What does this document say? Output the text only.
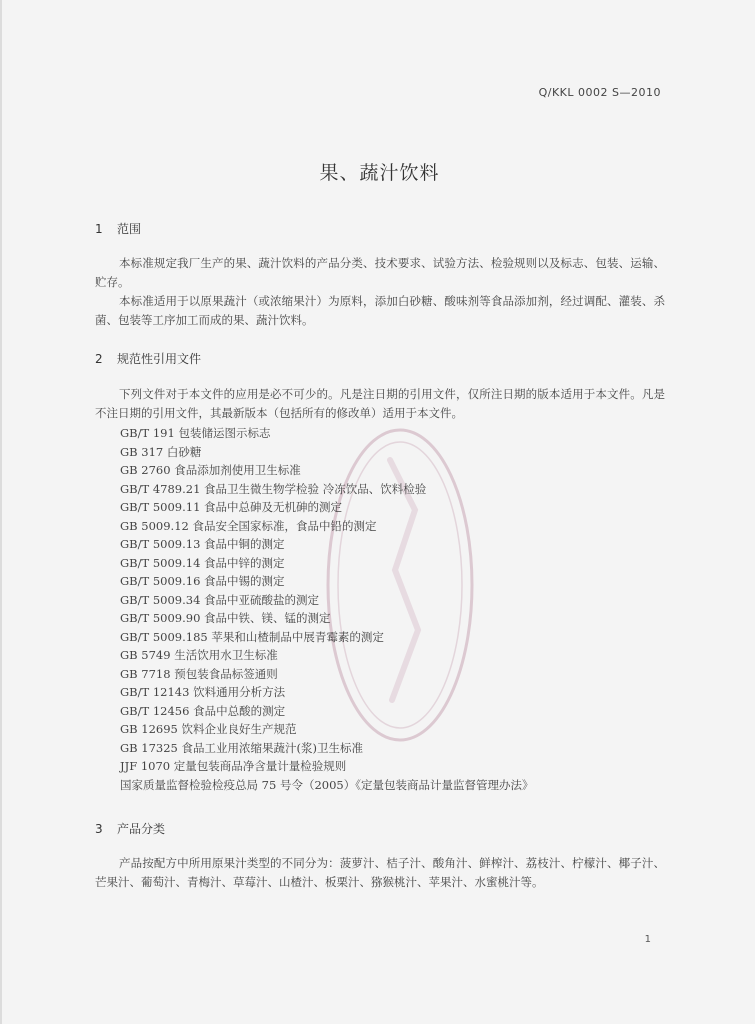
Q/KKL 0002 S—2010
果、蔬汁饮料
1 范围
本标准规定我厂生产的果、蔬汁饮料的产品分类、技术要求、试验方法、检验规则以及标志、包装、运输、贮存。
本标准适用于以原果蔬汁（或浓缩果汁）为原料，添加白砂糖、酸味剂等食品添加剂，经过调配、灌装、杀菌、包装等工序加工而成的果、蔬汁饮料。
2 规范性引用文件
下列文件对于本文件的应用是必不可少的。凡是注日期的引用文件，仅所注日期的版本适用于本文件。凡是不注日期的引用文件，其最新版本（包括所有的修改单）适用于本文件。
GB/T 191 包装储运图示标志
GB 317 白砂糖
GB 2760 食品添加剂使用卫生标准
GB/T 4789.21 食品卫生微生物学检验 冷冻饮品、饮料检验
GB/T 5009.11 食品中总砷及无机砷的测定
GB 5009.12 食品安全国家标准，食品中铅的测定
GB/T 5009.13 食品中铜的测定
GB/T 5009.14 食品中锌的测定
GB/T 5009.16 食品中锡的测定
GB/T 5009.34 食品中亚硫酸盐的测定
GB/T 5009.90 食品中铁、镁、锰的测定
GB/T 5009.185 苹果和山楂制品中展青霉素的测定
GB 5749 生活饮用水卫生标准
GB 7718 预包装食品标签通则
GB/T 12143 饮料通用分析方法
GB/T 12456 食品中总酸的测定
GB 12695 饮料企业良好生产规范
GB 17325 食品工业用浓缩果蔬汁(浆)卫生标准
JJF 1070 定量包装商品净含量计量检验规则
国家质量监督检验检疫总局 75 号令（2005）《定量包装商品计量监督管理办法》
3 产品分类
产品按配方中所用原果汁类型的不同分为：菠萝汁、桔子汁、酸角汁、鲜榨汁、荔枝汁、柠檬汁、椰子汁、芒果汁、葡萄汁、青梅汁、草莓汁、山楂汁、板栗汁、猕猴桃汁、苹果汁、水蜜桃汁等。
1
